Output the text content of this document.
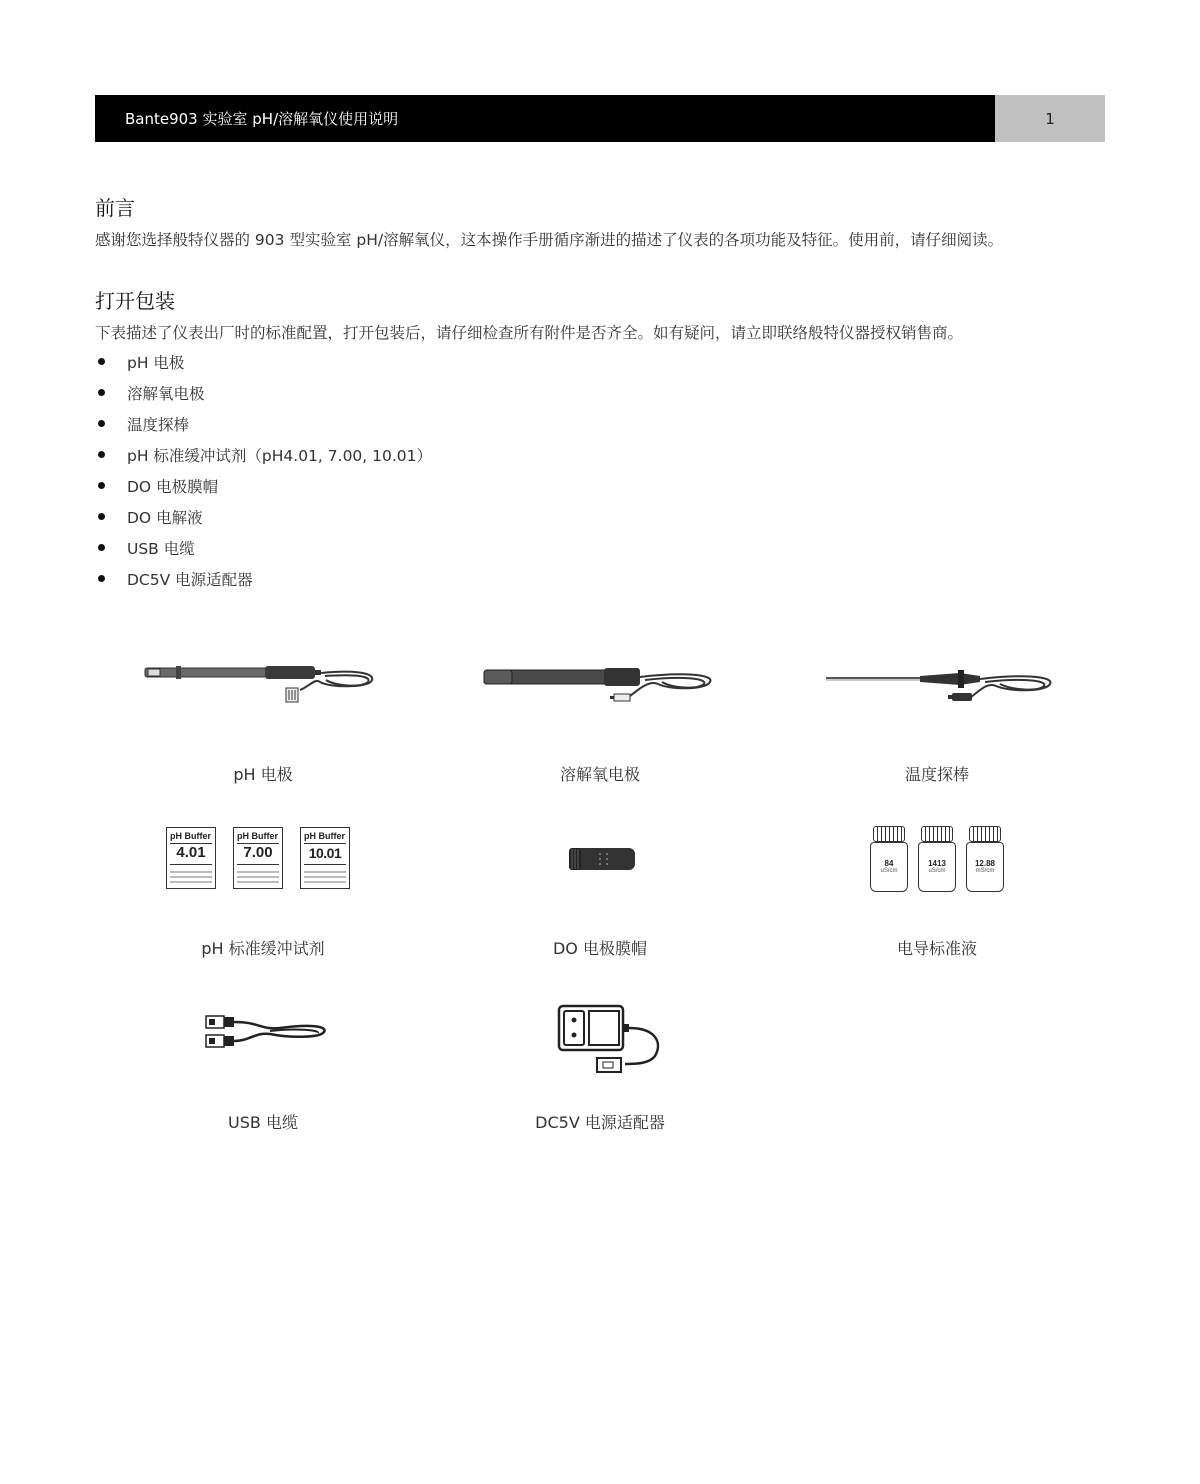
Bante903 实验室 pH/溶解氧仪使用说明	1
前言
感谢您选择般特仪器的 903 型实验室 pH/溶解氧仪，这本操作手册循序渐进的描述了仪表的各项功能及特征。使用前，请仔细阅读。
打开包装
下表描述了仪表出厂时的标准配置，打开包装后，请仔细检查所有附件是否齐全。如有疑问，请立即联络般特仪器授权销售商。
pH 电极
溶解氧电极
温度探棒
pH 标准缓冲试剂（pH4.01, 7.00, 10.01）
DO 电极膜帽
DO 电解液
USB 电缆
DC5V 电源适配器
pH 电极	溶解氧电极	温度探棒
pH Buffer
4.01
pH Buffer
7.00
pH Buffer
10.01
pH 标准缓冲试剂	DO 电极膜帽
84
uS/cm
1413
uS/cm
12.88
mS/cm
电导标准液
USB 电缆	DC5V 电源适配器
